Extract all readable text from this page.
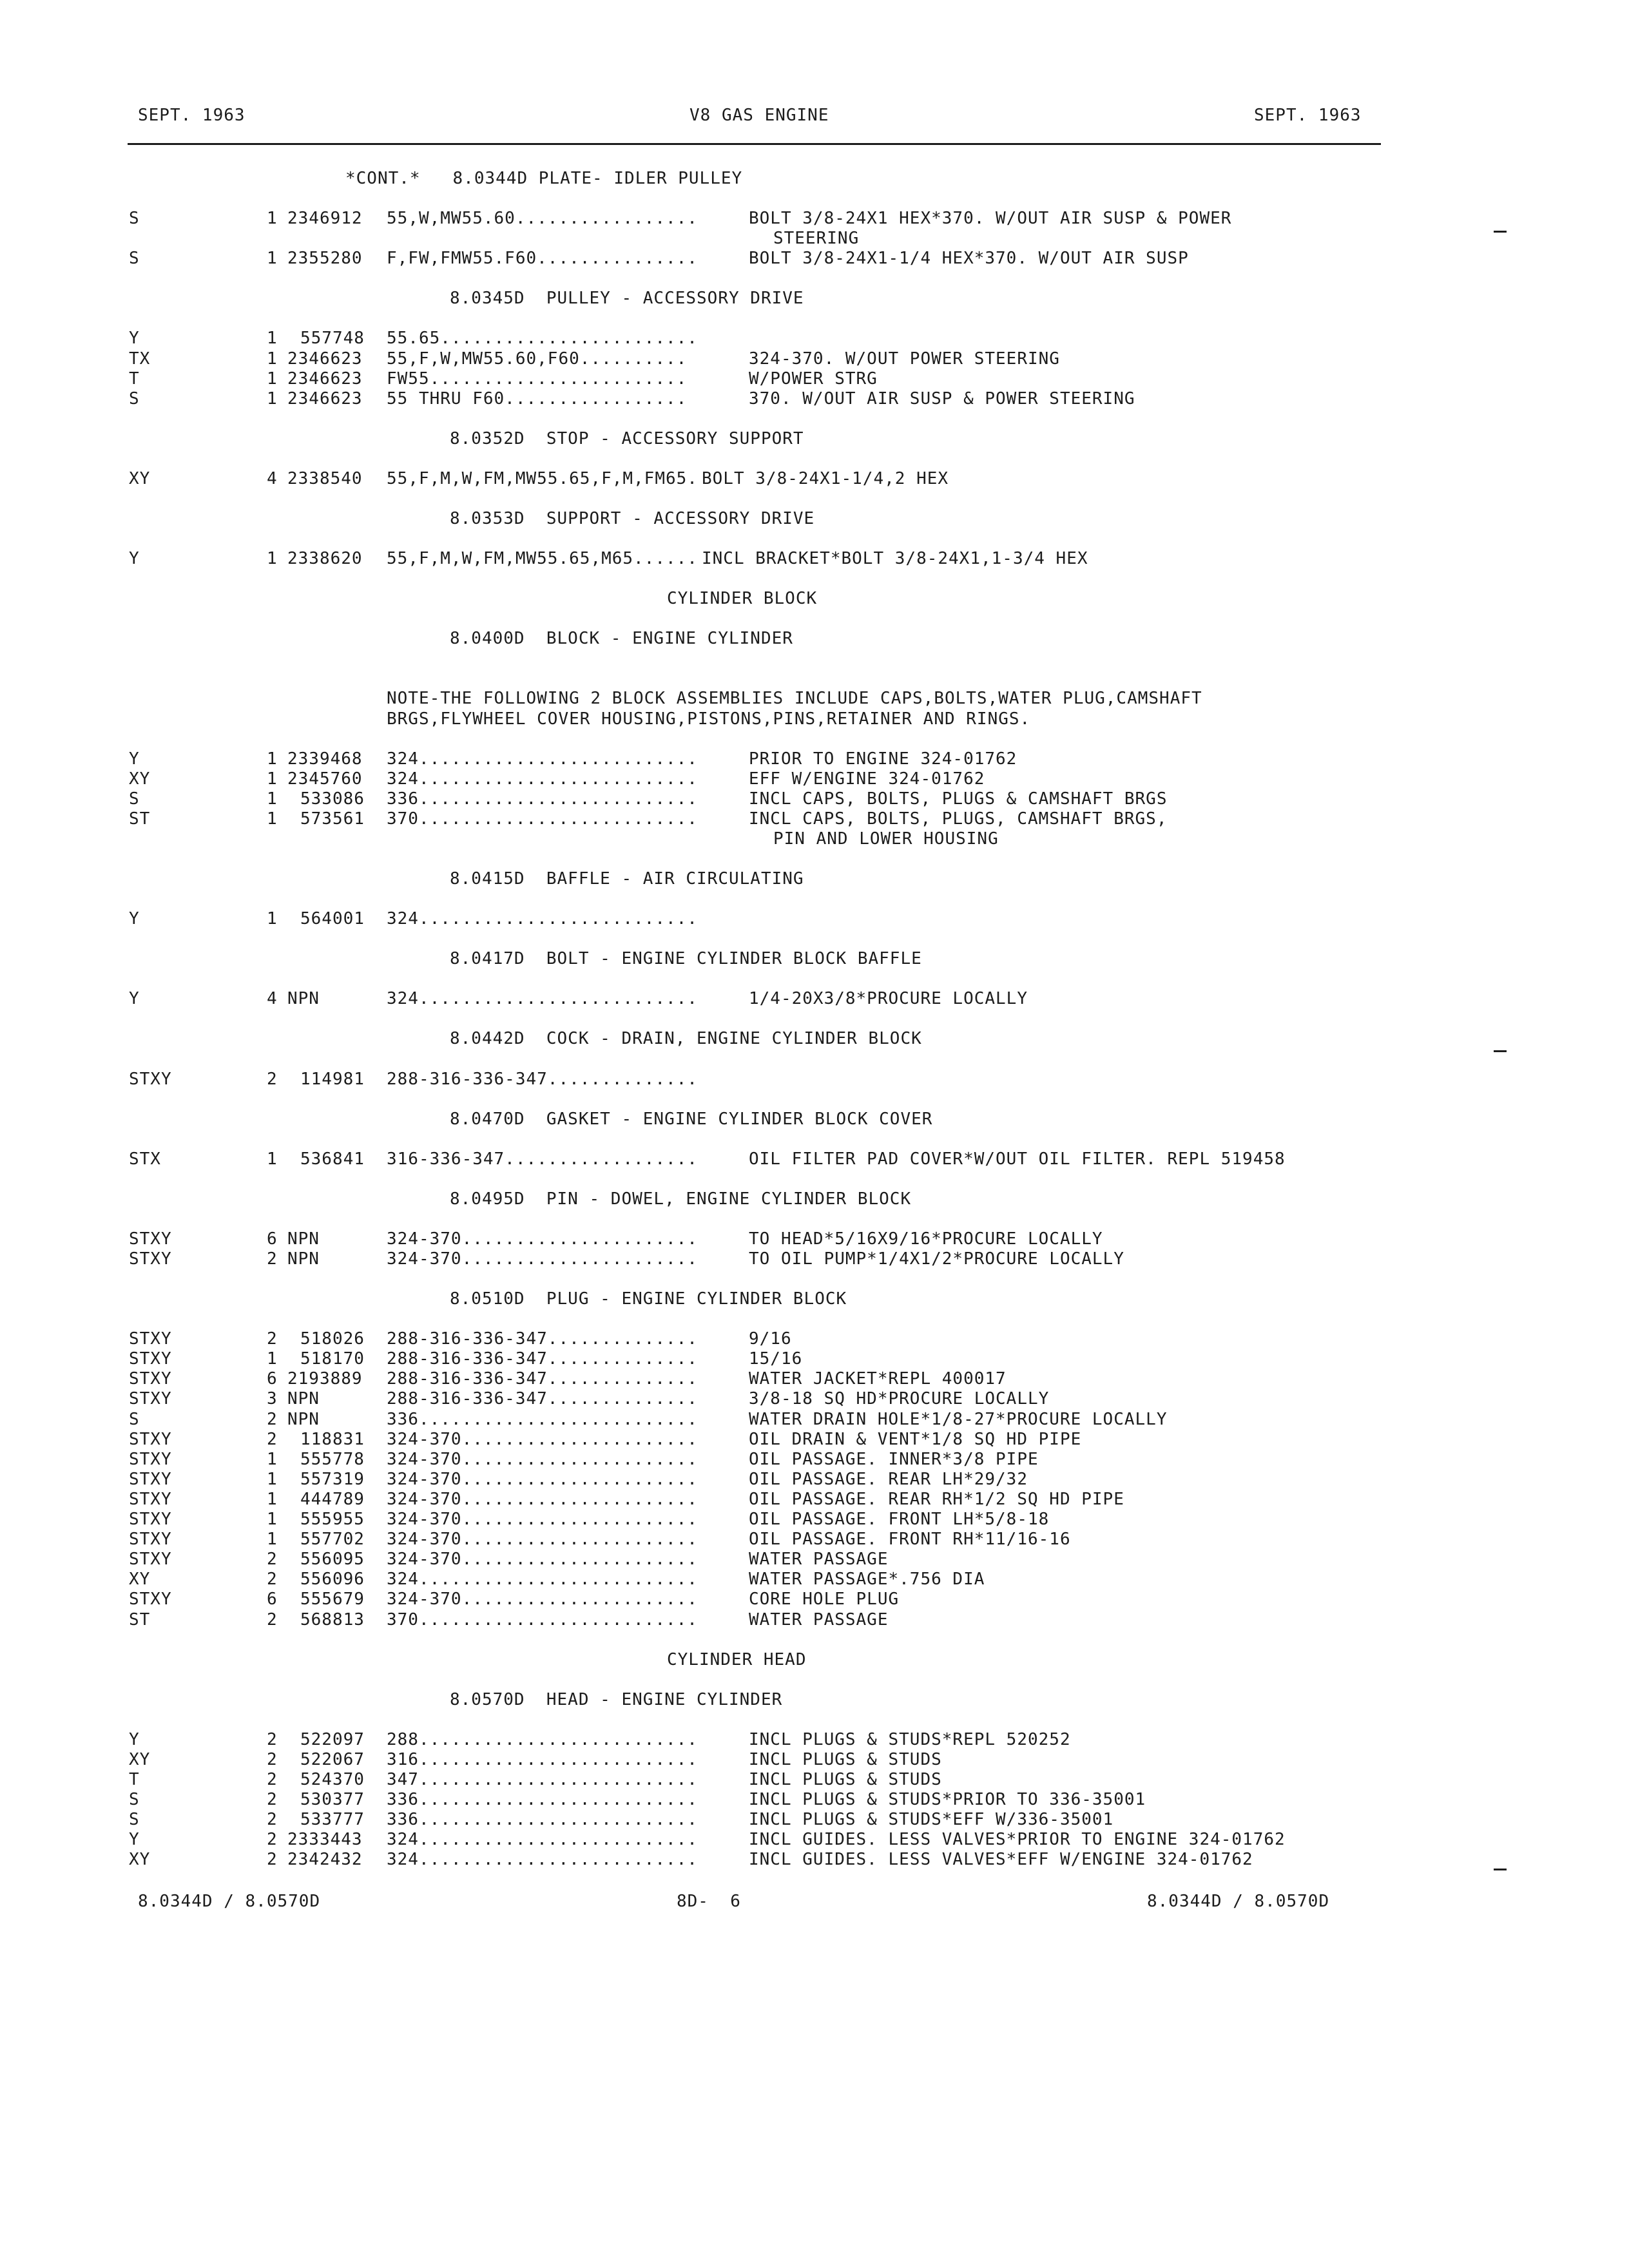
SEPT. 1963	V8 GAS ENGINE	SEPT. 1963
*CONT.*   8.0344D PLATE- IDLER PULLEY
S	1 2346912 55,W,MW55.60.................	BOLT 3/8-24X1 HEX*370. W/OUT AIR SUSP & POWER
STEERING
S	1 2355280 F,FW,FMW55.F60...............	BOLT 3/8-24X1-1/4 HEX*370. W/OUT AIR SUSP
8.0345D  PULLEY - ACCESSORY DRIVE
Y	1 557748 55.65........................
TX	1 2346623 55,F,W,MW55.60,F60..........	324-370. W/OUT POWER STEERING
T	1 2346623 FW55........................	W/POWER STRG
S	1 2346623 55 THRU F60.................	370. W/OUT AIR SUSP & POWER STEERING
8.0352D  STOP - ACCESSORY SUPPORT
XY	4 2338540 55,F,M,W,FM,MW55.65,F,M,FM65. BOLT 3/8-24X1-1/4,2 HEX
8.0353D  SUPPORT - ACCESSORY DRIVE
Y	1 2338620 55,F,M,W,FM,MW55.65,M65...... INCL BRACKET*BOLT 3/8-24X1,1-3/4 HEX
CYLINDER BLOCK
8.0400D  BLOCK - ENGINE CYLINDER
NOTE-THE FOLLOWING 2 BLOCK ASSEMBLIES INCLUDE CAPS,BOLTS,WATER PLUG,CAMSHAFT
BRGS,FLYWHEEL COVER HOUSING,PISTONS,PINS,RETAINER AND RINGS.
Y	1 2339468 324..........................	PRIOR TO ENGINE 324-01762
XY	1 2345760 324..........................	EFF W/ENGINE 324-01762
S	1 533086 336..........................	INCL CAPS, BOLTS, PLUGS & CAMSHAFT BRGS
ST	1 573561 370..........................	INCL CAPS, BOLTS, PLUGS, CAMSHAFT BRGS,
PIN AND LOWER HOUSING
8.0415D  BAFFLE - AIR CIRCULATING
Y	1 564001 324..........................
8.0417D  BOLT - ENGINE CYLINDER BLOCK BAFFLE
Y	4 NPN	324..........................	1/4-20X3/8*PROCURE LOCALLY
8.0442D  COCK - DRAIN, ENGINE CYLINDER BLOCK
STXY	2 114981 288-316-336-347..............
8.0470D  GASKET - ENGINE CYLINDER BLOCK COVER
STX	1 536841 316-336-347..................	OIL FILTER PAD COVER*W/OUT OIL FILTER. REPL 519458
8.0495D  PIN - DOWEL, ENGINE CYLINDER BLOCK
STXY	6 NPN	324-370......................	TO HEAD*5/16X9/16*PROCURE LOCALLY
STXY	2 NPN	324-370......................	TO OIL PUMP*1/4X1/2*PROCURE LOCALLY
8.0510D  PLUG - ENGINE CYLINDER BLOCK
STXY	2 518026 288-316-336-347..............	9/16
STXY	1 518170 288-316-336-347..............	15/16
STXY	6 2193889 288-316-336-347..............	WATER JACKET*REPL 400017
STXY	3 NPN	288-316-336-347..............	3/8-18 SQ HD*PROCURE LOCALLY
S	2 NPN	336..........................	WATER DRAIN HOLE*1/8-27*PROCURE LOCALLY
STXY	2 118831 324-370......................	OIL DRAIN & VENT*1/8 SQ HD PIPE
STXY	1 555778 324-370......................	OIL PASSAGE. INNER*3/8 PIPE
STXY	1 557319 324-370......................	OIL PASSAGE. REAR LH*29/32
STXY	1 444789 324-370......................	OIL PASSAGE. REAR RH*1/2 SQ HD PIPE
STXY	1 555955 324-370......................	OIL PASSAGE. FRONT LH*5/8-18
STXY	1 557702 324-370......................	OIL PASSAGE. FRONT RH*11/16-16
STXY	2 556095 324-370......................	WATER PASSAGE
XY	2 556096 324..........................	WATER PASSAGE*.756 DIA
STXY	6 555679 324-370......................	CORE HOLE PLUG
ST	2 568813 370..........................	WATER PASSAGE
CYLINDER HEAD
8.0570D  HEAD - ENGINE CYLINDER
Y	2 522097 288..........................	INCL PLUGS & STUDS*REPL 520252
XY	2 522067 316..........................	INCL PLUGS & STUDS
T	2 524370 347..........................	INCL PLUGS & STUDS
S	2 530377 336..........................	INCL PLUGS & STUDS*PRIOR TO 336-35001
S	2 533777 336..........................	INCL PLUGS & STUDS*EFF W/336-35001
Y	2 2333443 324..........................	INCL GUIDES. LESS VALVES*PRIOR TO ENGINE 324-01762
XY	2 2342432 324..........................	INCL GUIDES. LESS VALVES*EFF W/ENGINE 324-01762
8.0344D / 8.0570D	8D-  6	8.0344D / 8.0570D
